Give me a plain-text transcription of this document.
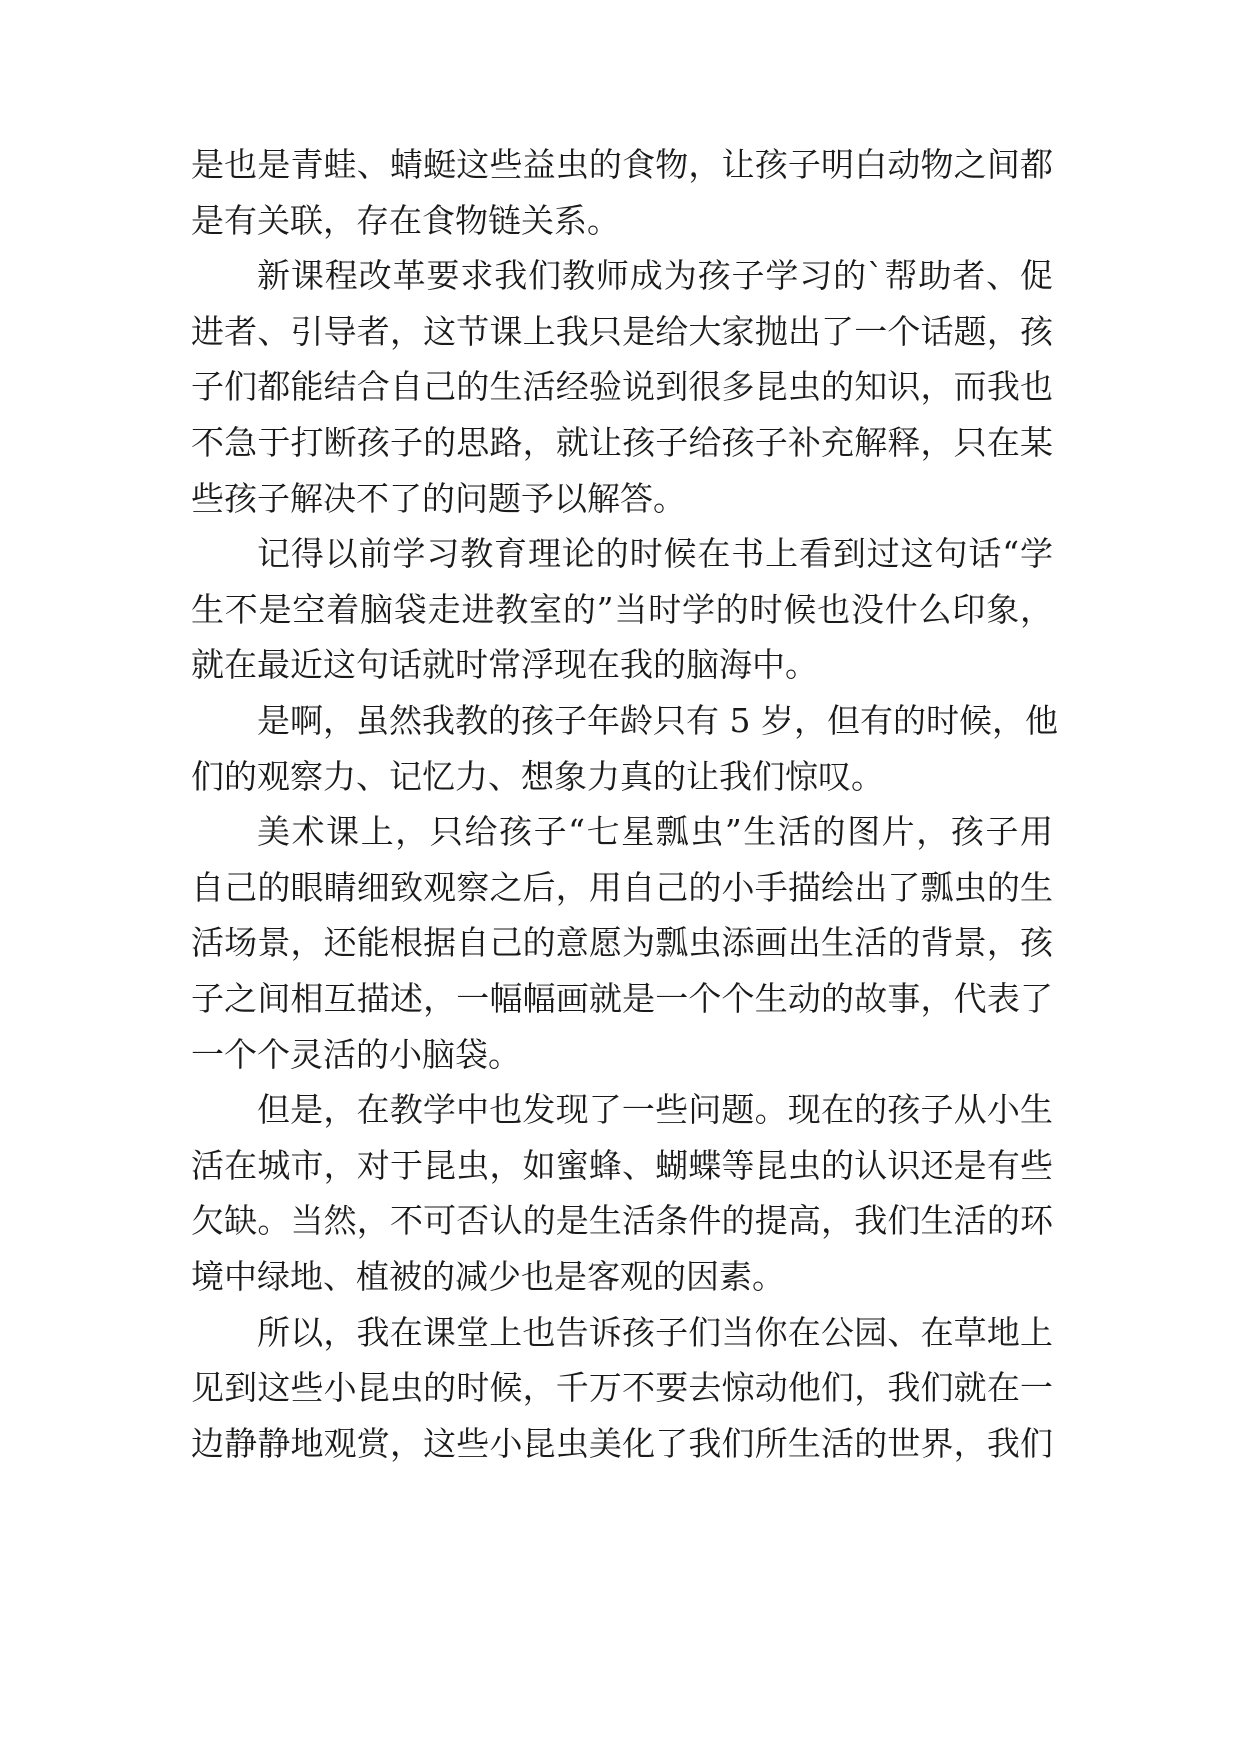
是也是青蛙、蜻蜓这些益虫的食物，让孩子明白动物之间都
是有关联，存在食物链关系。
新课程改革要求我们教师成为孩子学习的`帮助者、促
进者、引导者，这节课上我只是给大家抛出了一个话题，孩
子们都能结合自己的生活经验说到很多昆虫的知识，而我也
不急于打断孩子的思路，就让孩子给孩子补充解释，只在某
些孩子解决不了的问题予以解答。
记得以前学习教育理论的时候在书上看到过这句话“学
生不是空着脑袋走进教室的”当时学的时候也没什么印象，
就在最近这句话就时常浮现在我的脑海中。
是啊，虽然我教的孩子年龄只有 5 岁，但有的时候，他
们的观察力、记忆力、想象力真的让我们惊叹。
美术课上，只给孩子“七星瓢虫”生活的图片，孩子用
自己的眼睛细致观察之后，用自己的小手描绘出了瓢虫的生
活场景，还能根据自己的意愿为瓢虫添画出生活的背景，孩
子之间相互描述，一幅幅画就是一个个生动的故事，代表了
一个个灵活的小脑袋。
但是，在教学中也发现了一些问题。现在的孩子从小生
活在城市，对于昆虫，如蜜蜂、蝴蝶等昆虫的认识还是有些
欠缺。当然，不可否认的是生活条件的提高，我们生活的环
境中绿地、植被的减少也是客观的因素。
所以，我在课堂上也告诉孩子们当你在公园、在草地上
见到这些小昆虫的时候，千万不要去惊动他们，我们就在一
边静静地观赏，这些小昆虫美化了我们所生活的世界，我们
